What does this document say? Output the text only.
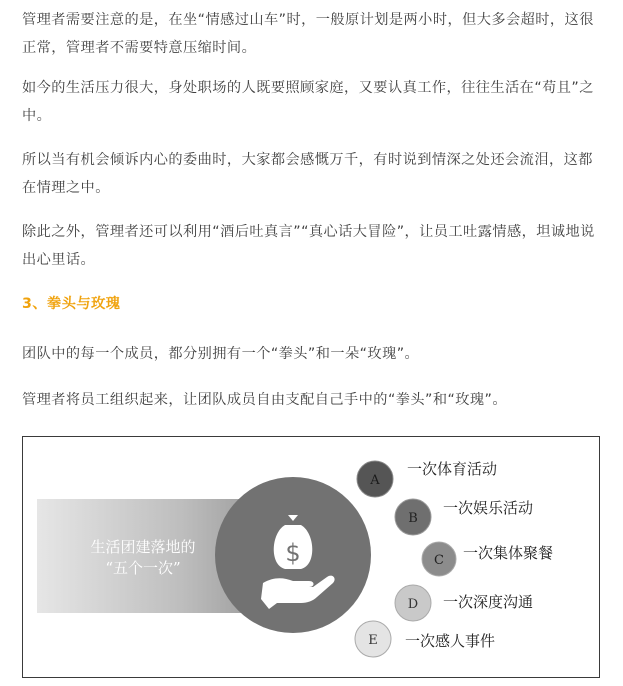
管理者需要注意的是，在坐“情感过山车”时，一般原计划是两小时，但大多会超时，这很正常，管理者不需要特意压缩时间。

如今的生活压力很大，身处职场的人既要照顾家庭，又要认真工作，往往生活在“苟且”之中。

所以当有机会倾诉内心的委曲时，大家都会感慨万千，有时说到情深之处还会流泪，这都在情理之中。

除此之外，管理者还可以利用“酒后吐真言”“真心话大冒险”，让员工吐露情感，坦诚地说出心里话。

3、拳头与玫瑰

团队中的每一个成员，都分别拥有一个“拳头”和一朵“玫瑰”。

管理者将员工组织起来，让团队成员自由支配自己手中的“拳头”和“玫瑰”。

生活团建落地的
“五个一次”
$
A
一次体育活动
B
一次娱乐活动
C 一次集体聚餐
D 一次深度沟通
E 一次感人事件
